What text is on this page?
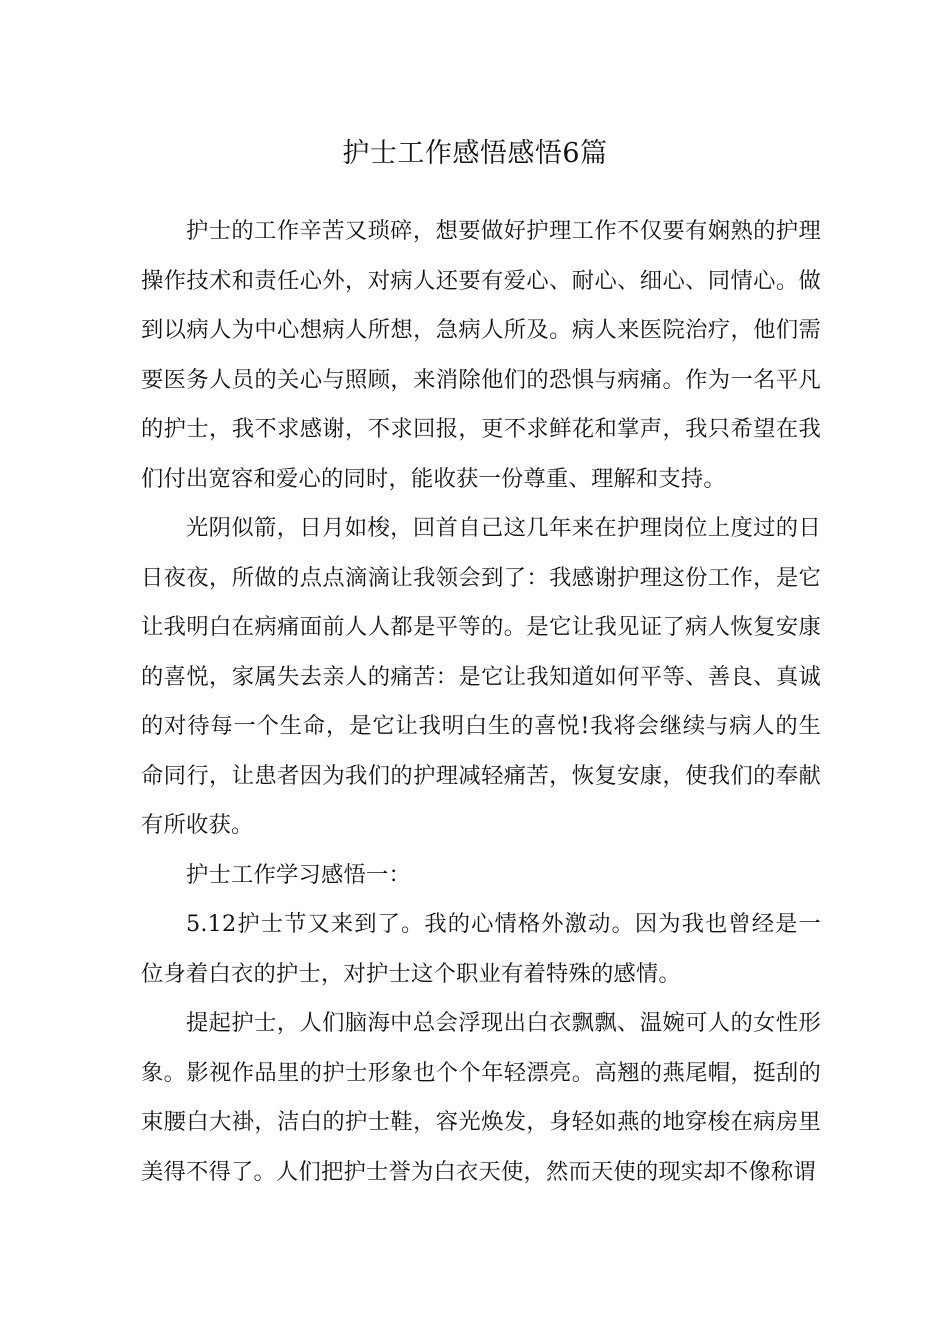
护士工作感悟感悟6篇

护士的工作辛苦又琐碎，想要做好护理工作不仅要有娴熟的护理操作技术和责任心外，对病人还要有爱心、耐心、细心、同情心。做到以病人为中心想病人所想，急病人所及。病人来医院治疗，他们需要医务人员的关心与照顾，来消除他们的恐惧与病痛。作为一名平凡的护士，我不求感谢，不求回报，更不求鲜花和掌声，我只希望在我们付出宽容和爱心的同时，能收获一份尊重、理解和支持。

光阴似箭，日月如梭，回首自己这几年来在护理岗位上度过的日日夜夜，所做的点点滴滴让我领会到了：我感谢护理这份工作，是它让我明白在病痛面前人人都是平等的。是它让我见证了病人恢复安康的喜悦，家属失去亲人的痛苦：是它让我知道如何平等、善良、真诚的对待每一个生命，是它让我明白生的喜悦!我将会继续与病人的生命同行，让患者因为我们的护理减轻痛苦，恢复安康，使我们的奉献有所收获。

护士工作学习感悟一：

5.12护士节又来到了。我的心情格外激动。因为我也曾经是一位身着白衣的护士，对护士这个职业有着特殊的感情。

提起护士，人们脑海中总会浮现出白衣飘飘、温婉可人的女性形象。影视作品里的护士形象也个个年轻漂亮。高翘的燕尾帽，挺刮的束腰白大褂，洁白的护士鞋，容光焕发，身轻如燕的地穿梭在病房里美得不得了。人们把护士誉为白衣天使，然而天使的现实却不像称谓
